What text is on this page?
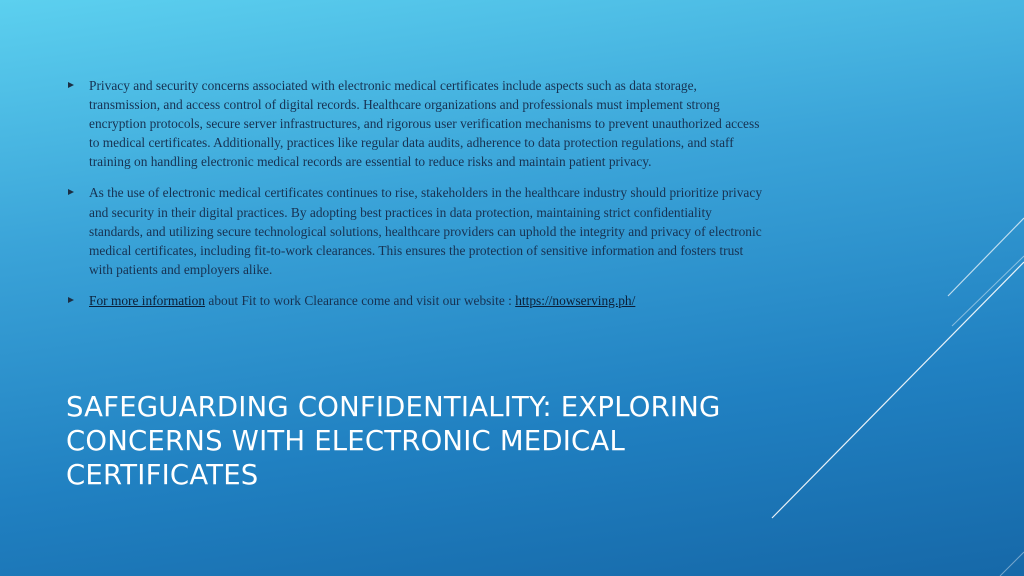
Privacy and security concerns associated with electronic medical certificates include aspects such as data storage, transmission, and access control of digital records. Healthcare organizations and professionals must implement strong encryption protocols, secure server infrastructures, and rigorous user verification mechanisms to prevent unauthorized access to medical certificates. Additionally, practices like regular data audits, adherence to data protection regulations, and staff training on handling electronic medical records are essential to reduce risks and maintain patient privacy.
As the use of electronic medical certificates continues to rise, stakeholders in the healthcare industry should prioritize privacy and security in their digital practices. By adopting best practices in data protection, maintaining strict confidentiality standards, and utilizing secure technological solutions, healthcare providers can uphold the integrity and privacy of electronic medical certificates, including fit-to-work clearances. This ensures the protection of sensitive information and fosters trust with patients and employers alike.
For more information about Fit to work Clearance come and visit our website : https://nowserving.ph/
SAFEGUARDING CONFIDENTIALITY: EXPLORING CONCERNS WITH ELECTRONIC MEDICAL CERTIFICATES
